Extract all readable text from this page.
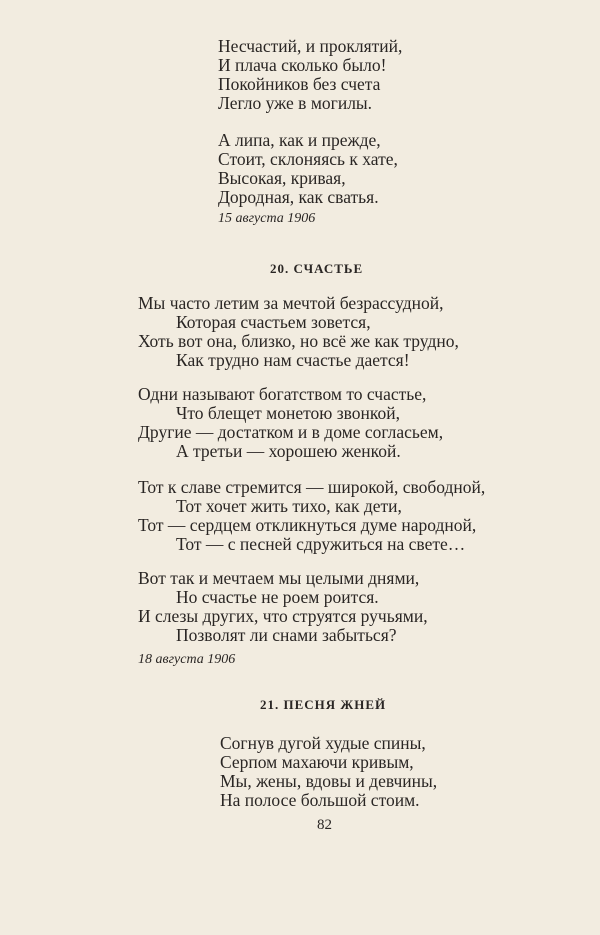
Несчастий, и проклятий,
И плача сколько было!
Покойников без счета
Легло уже в могилы.
А липа, как и прежде,
Стоит, склоняясь к хате,
Высокая, кривая,
Дородная, как сватья.
15 августа 1906
20. СЧАСТЬЕ
Мы часто летим за мечтой безрассудной,
Которая счастьем зовется,
Хоть вот она, близко, но всё же как трудно,
Как трудно нам счастье дается!
Одни называют богатством то счастье,
Что блещет монетою звонкой,
Другие — достатком и в доме согласьем,
А третьи — хорошею женкой.
Тот к славе стремится — широкой, свободной,
Тот хочет жить тихо, как дети,
Тот — сердцем откликнуться думе народной,
Тот — с песней сдружиться на свете…
Вот так и мечтаем мы целыми днями,
Но счастье не роем роится.
И слезы других, что струятся ручьями,
Позволят ли снами забыться?
18 августа 1906
21. ПЕСНЯ ЖНЕЙ
Согнув дугой худые спины,
Серпом махаючи кривым,
Мы, жены, вдовы и девчины,
На полосе большой стоим.
82
